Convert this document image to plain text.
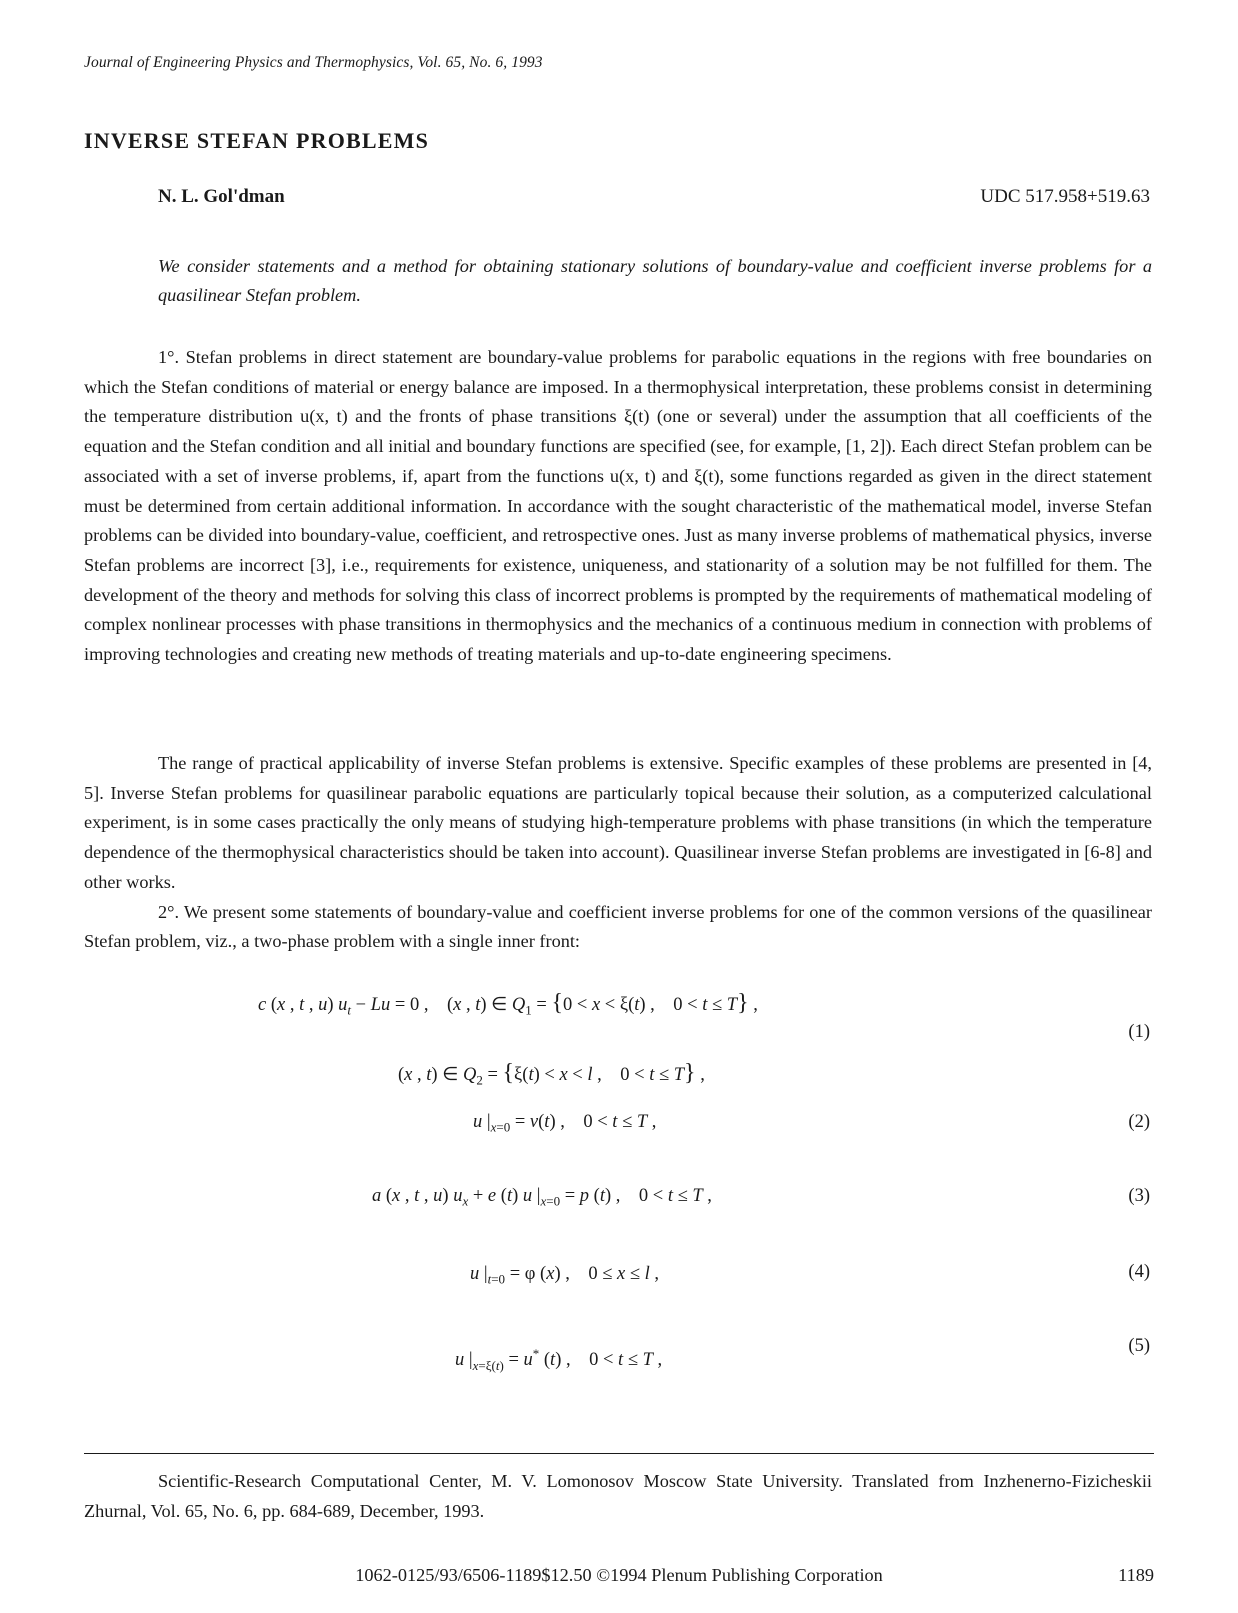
Journal of Engineering Physics and Thermophysics, Vol. 65, No. 6, 1993
INVERSE STEFAN PROBLEMS
N. L. Gol'dman	UDC 517.958+519.63
We consider statements and a method for obtaining stationary solutions of boundary-value and coefficient inverse problems for a quasilinear Stefan problem.

1°. Stefan problems in direct statement are boundary-value problems for parabolic equations in the regions with free boundaries on which the Stefan conditions of material or energy balance are imposed. In a thermophysical interpretation, these problems consist in determining the temperature distribution u(x, t) and the fronts of phase transitions ξ(t) (one or several) under the assumption that all coefficients of the equation and the Stefan condition and all initial and boundary functions are specified (see, for example, [1, 2]). Each direct Stefan problem can be associated with a set of inverse problems, if, apart from the functions u(x, t) and ξ(t), some functions regarded as given in the direct statement must be determined from certain additional information. In accordance with the sought characteristic of the mathematical model, inverse Stefan problems can be divided into boundary-value, coefficient, and retrospective ones. Just as many inverse problems of mathematical physics, inverse Stefan problems are incorrect [3], i.e., requirements for existence, uniqueness, and stationarity of a solution may be not fulfilled for them. The development of the theory and methods for solving this class of incorrect problems is prompted by the requirements of mathematical modeling of complex nonlinear processes with phase transitions in thermophysics and the mechanics of a continuous medium in connection with problems of improving technologies and creating new methods of treating materials and up-to-date engineering specimens.

The range of practical applicability of inverse Stefan problems is extensive. Specific examples of these problems are presented in [4, 5]. Inverse Stefan problems for quasilinear parabolic equations are particularly topical because their solution, as a computerized calculational experiment, is in some cases practically the only means of studying high-temperature problems with phase transitions (in which the temperature dependence of the thermophysical characteristics should be taken into account). Quasilinear inverse Stefan problems are investigated in [6-8] and other works.

2°. We present some statements of boundary-value and coefficient inverse problems for one of the common versions of the quasilinear Stefan problem, viz., a two-phase problem with a single inner front:

c (x , t , u) $u_t - Lu = 0$ ,    (x , t) ∈ $Q_1 = \{0 < x < \xi(t)$ ,    0 < t ≤ T} ,
(1)
(x , t) ∈ $Q_2 = \{\xi(t) < x < l$ ,    0 < t ≤ T} ,
u $|_{x=0} = v(t)$ ,    0 < t ≤ T ,	(2)
a (x , t , u) $u_x + e$ (t) u $|_{x=0} = p$ (t) ,    0 < t ≤ T ,	(3)
u $|_{t=0} = \varphi$ (x) ,    0 ≤ x ≤ l ,	(4)
u $|_{x=\xi(t)} = u^*$ (t) ,    0 < t ≤ T ,
(5)

Scientific-Research Computational Center, M. V. Lomonosov Moscow State University. Translated from Inzhenerno-Fizicheskii Zhurnal, Vol. 65, No. 6, pp. 684-689, December, 1993.

1062-0125/93/6506-1189$12.50 ©1994 Plenum Publishing Corporation	1189
